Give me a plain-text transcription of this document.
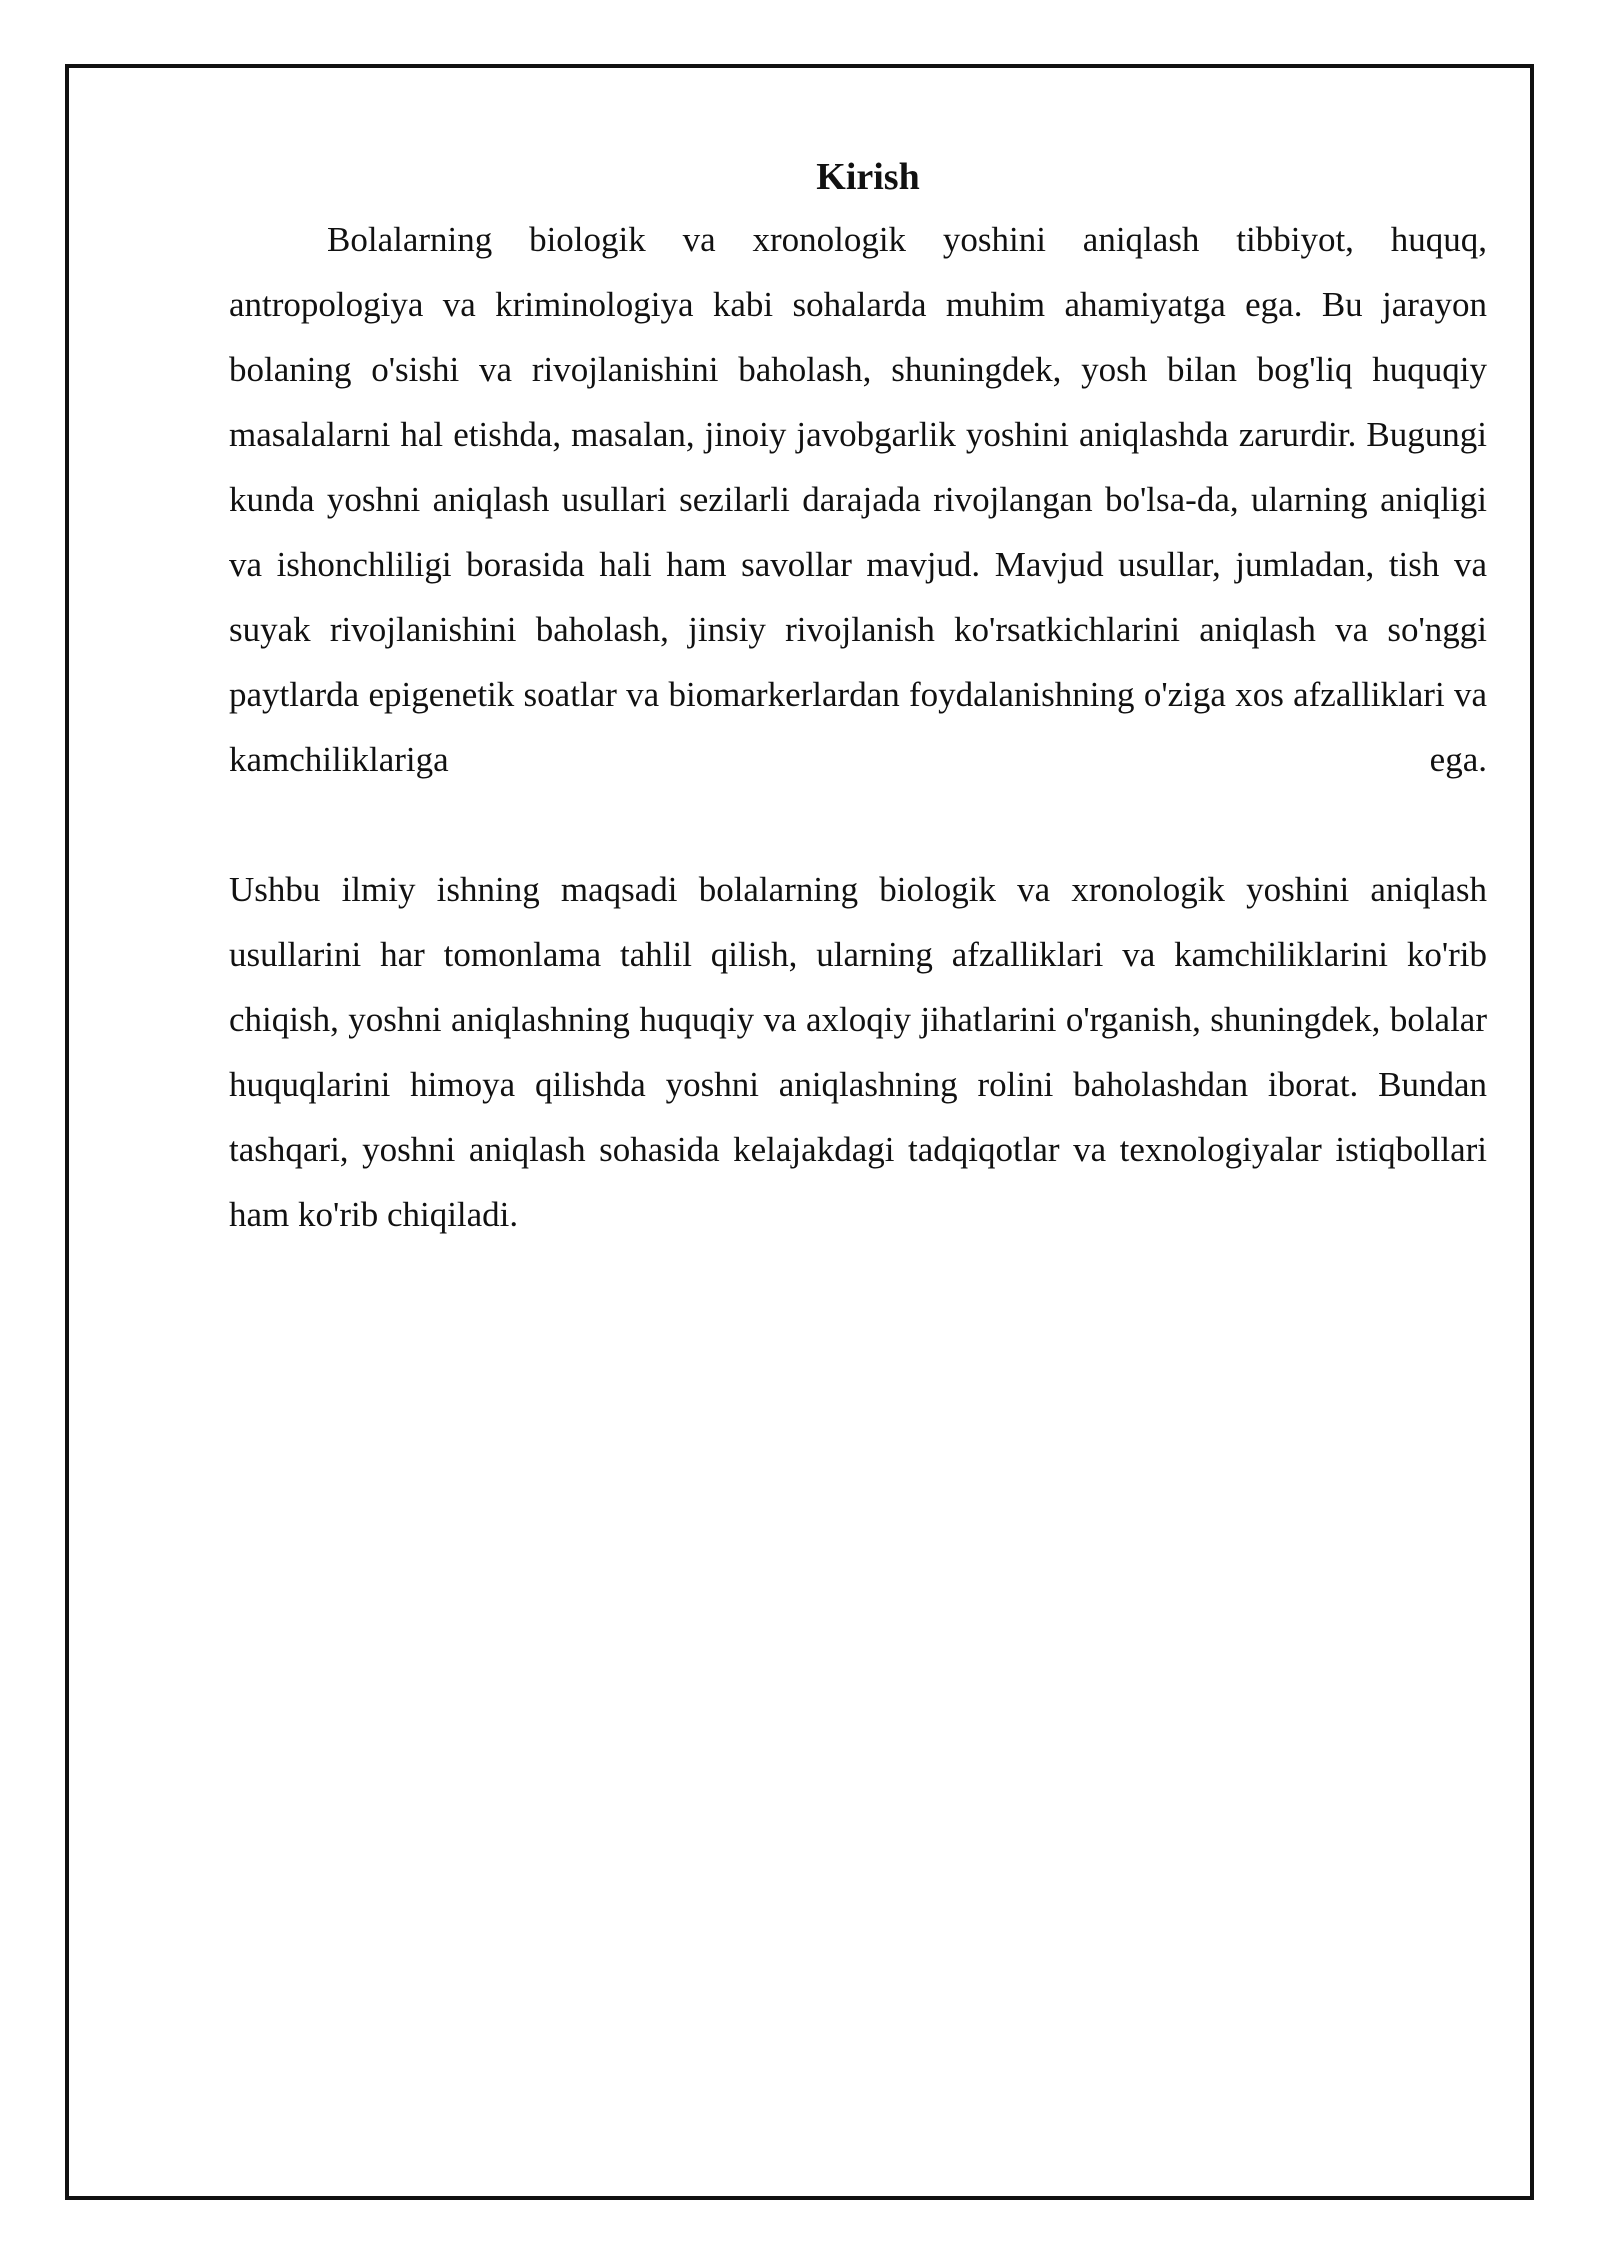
Kirish

Bolalarning biologik va xronologik yoshini aniqlash tibbiyot, huquq, antropologiya va kriminologiya kabi sohalarda muhim ahamiyatga ega. Bu jarayon bolaning o'sishi va rivojlanishini baholash, shuningdek, yosh bilan bog'liq huquqiy masalalarni hal etishda, masalan, jinoiy javobgarlik yoshini aniqlashda zarurdir. Bugungi kunda yoshni aniqlash usullari sezilarli darajada rivojlangan bo'lsa-da, ularning aniqligi va ishonchliligi borasida hali ham savollar mavjud. Mavjud usullar, jumladan, tish va suyak rivojlanishini baholash, jinsiy rivojlanish ko'rsatkichlarini aniqlash va so'nggi paytlarda epigenetik soatlar va biomarkerlardan foydalanishning o'ziga xos afzalliklari va kamchiliklariga ega.

Ushbu ilmiy ishning maqsadi bolalarning biologik va xronologik yoshini aniqlash usullarini har tomonlama tahlil qilish, ularning afzalliklari va kamchiliklarini ko'rib chiqish, yoshni aniqlashning huquqiy va axloqiy jihatlarini o'rganish, shuningdek, bolalar huquqlarini himoya qilishda yoshni aniqlashning rolini baholashdan iborat. Bundan tashqari, yoshni aniqlash sohasida kelajakdagi tadqiqotlar va texnologiyalar istiqbollari ham ko'rib chiqiladi.
